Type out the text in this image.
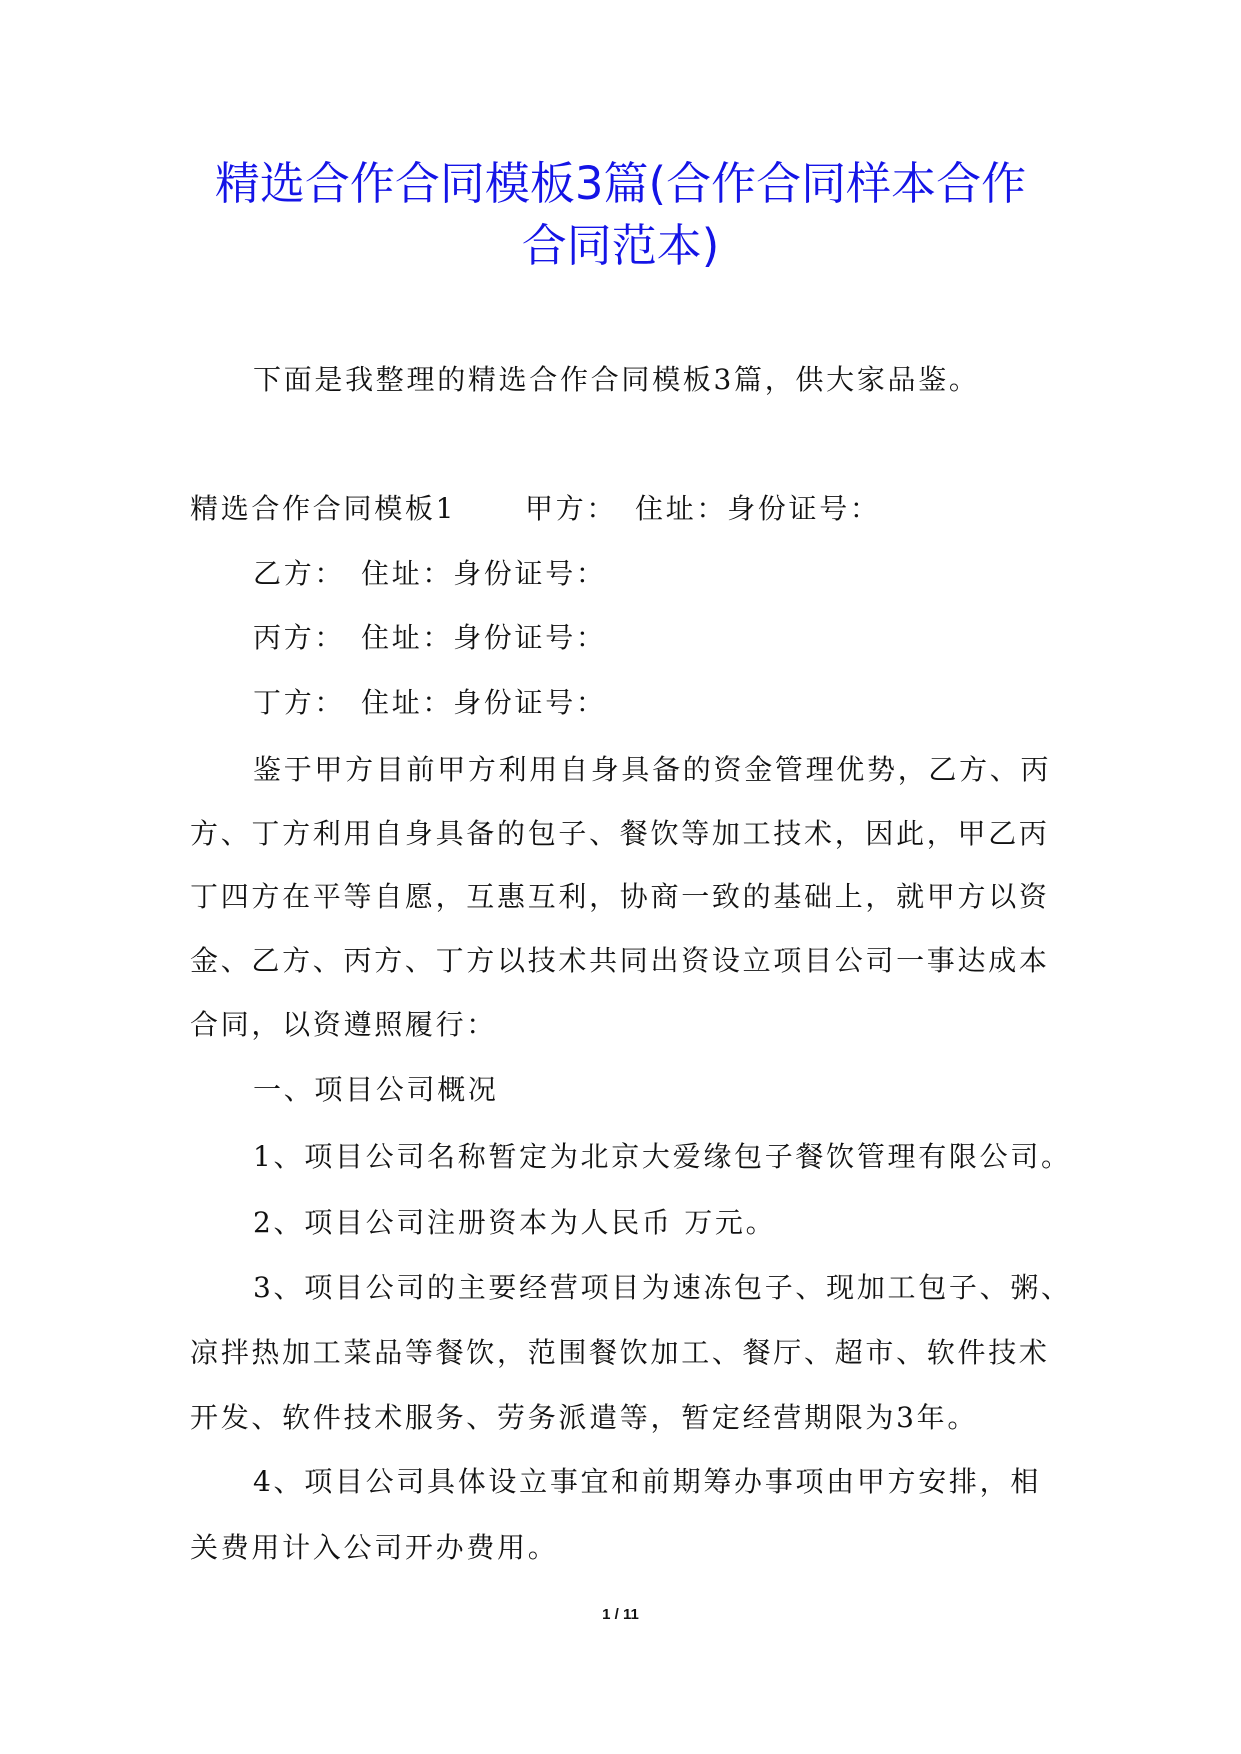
精选合作合同模板3篇(合作合同样本合作
合同范本)
下面是我整理的精选合作合同模板3篇，供大家品鉴。
精选合作合同模板1 甲方： 住址：身份证号：
乙方： 住址：身份证号：
丙方： 住址：身份证号：
丁方： 住址：身份证号：
鉴于甲方目前甲方利用自身具备的资金管理优势，乙方、丙
方、丁方利用自身具备的包子、餐饮等加工技术，因此，甲乙丙
丁四方在平等自愿，互惠互利，协商一致的基础上，就甲方以资
金、乙方、丙方、丁方以技术共同出资设立项目公司一事达成本
合同，以资遵照履行：
一、项目公司概况
1、项目公司名称暂定为北京大爱缘包子餐饮管理有限公司。
2、项目公司注册资本为人民币 万元。
3、项目公司的主要经营项目为速冻包子、现加工包子、粥、
凉拌热加工菜品等餐饮，范围餐饮加工、餐厅、超市、软件技术
开发、软件技术服务、劳务派遣等，暂定经营期限为3年。
4、项目公司具体设立事宜和前期筹办事项由甲方安排，相
关费用计入公司开办费用。
1 / 11
